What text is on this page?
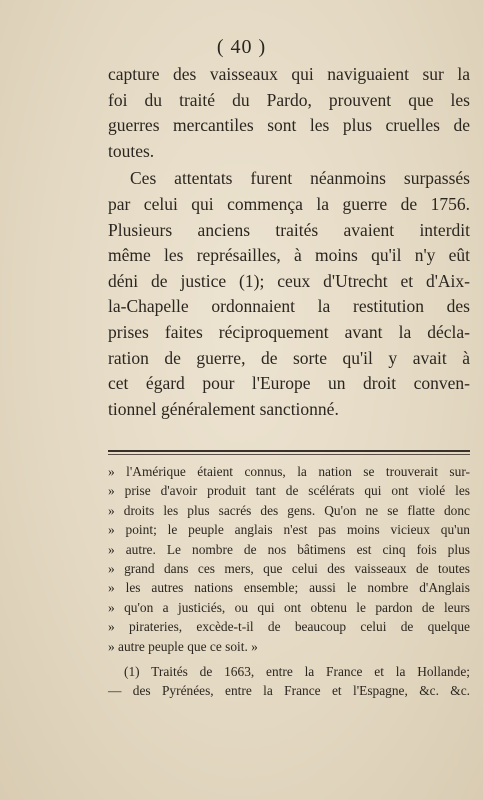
( 40 )
capture des vaisseaux qui naviguaient sur la
foi du traité du Pardo, prouvent que les
guerres mercantiles sont les plus cruelles de
toutes.
Ces attentats furent néanmoins surpassés
par celui qui commença la guerre de 1756.
Plusieurs anciens traités avaient interdit
même les représailles, à moins qu'il n'y eût
déni de justice (1); ceux d'Utrecht et d'Aix-
la-Chapelle ordonnaient la restitution des
prises faites réciproquement avant la décla-
ration de guerre, de sorte qu'il y avait à
cet égard pour l'Europe un droit conven-
tionnel généralement sanctionné.
» l'Amérique étaient connus, la nation se trouverait sur-
» prise d'avoir produit tant de scélérats qui ont violé les
» droits les plus sacrés des gens. Qu'on ne se flatte donc
» point; le peuple anglais n'est pas moins vicieux qu'un
» autre. Le nombre de nos bâtimens est cinq fois plus
» grand dans ces mers, que celui des vaisseaux de toutes
» les autres nations ensemble; aussi le nombre d'Anglais
» qu'on a justiciés, ou qui ont obtenu le pardon de leurs
» pirateries, excède-t-il de beaucoup celui de quelque
» autre peuple que ce soit. »
(1) Traités de 1663, entre la France et la Hollande;
— des Pyrénées, entre la France et l'Espagne, &c. &c.
